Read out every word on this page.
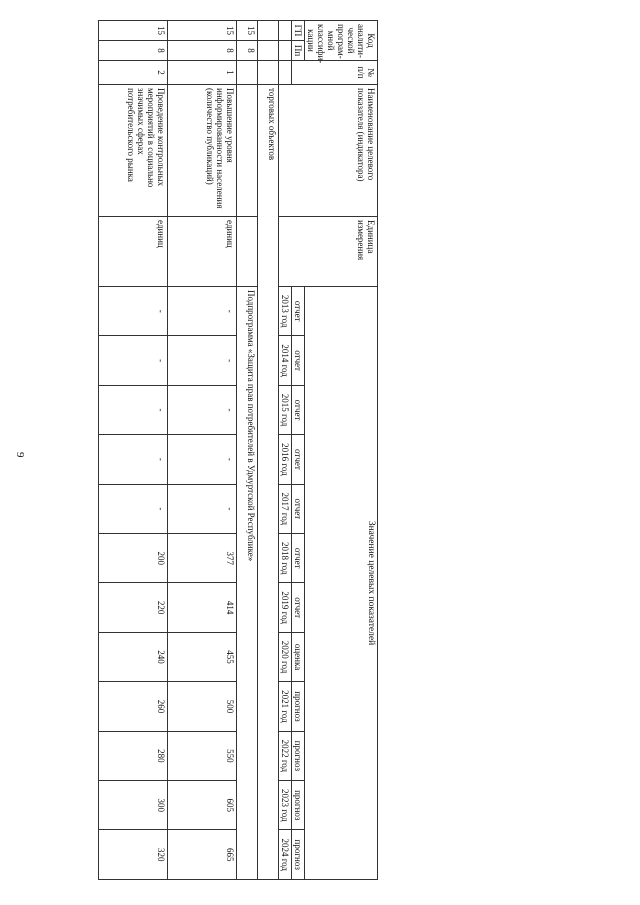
9
Код аналити-ческой програм-мной классифи-кации		№ п/п	Наименование целевого показателя (индикатора)	Единица измерения	Значение целевых показателей											
ГП	Пп				отчет	отчет	отчет	отчет	отчет	отчет	отчет	оценка	прогноз	прогноз	прогноз	прогноз
					2013 год	2014 год	2015 год	2016 год	2017 год	2018 год	2019 год	2020 год	2021 год	2022 год	2023 год	2024 год
			торговых объектов													
15	8				Подпрограмма «Защита прав потребителей в Удмуртской Республике»											
15	8	1	Повышение уровня информированности населения (количество публикаций)	единиц	-	-	-	-	-	377	414	455	500	550	605	665
15	8	2	Проведение контрольных мероприятий в социально значимых сферах потребительского рынка	единиц	-	-	-	-	-	200	220	240	260	280	300	320
